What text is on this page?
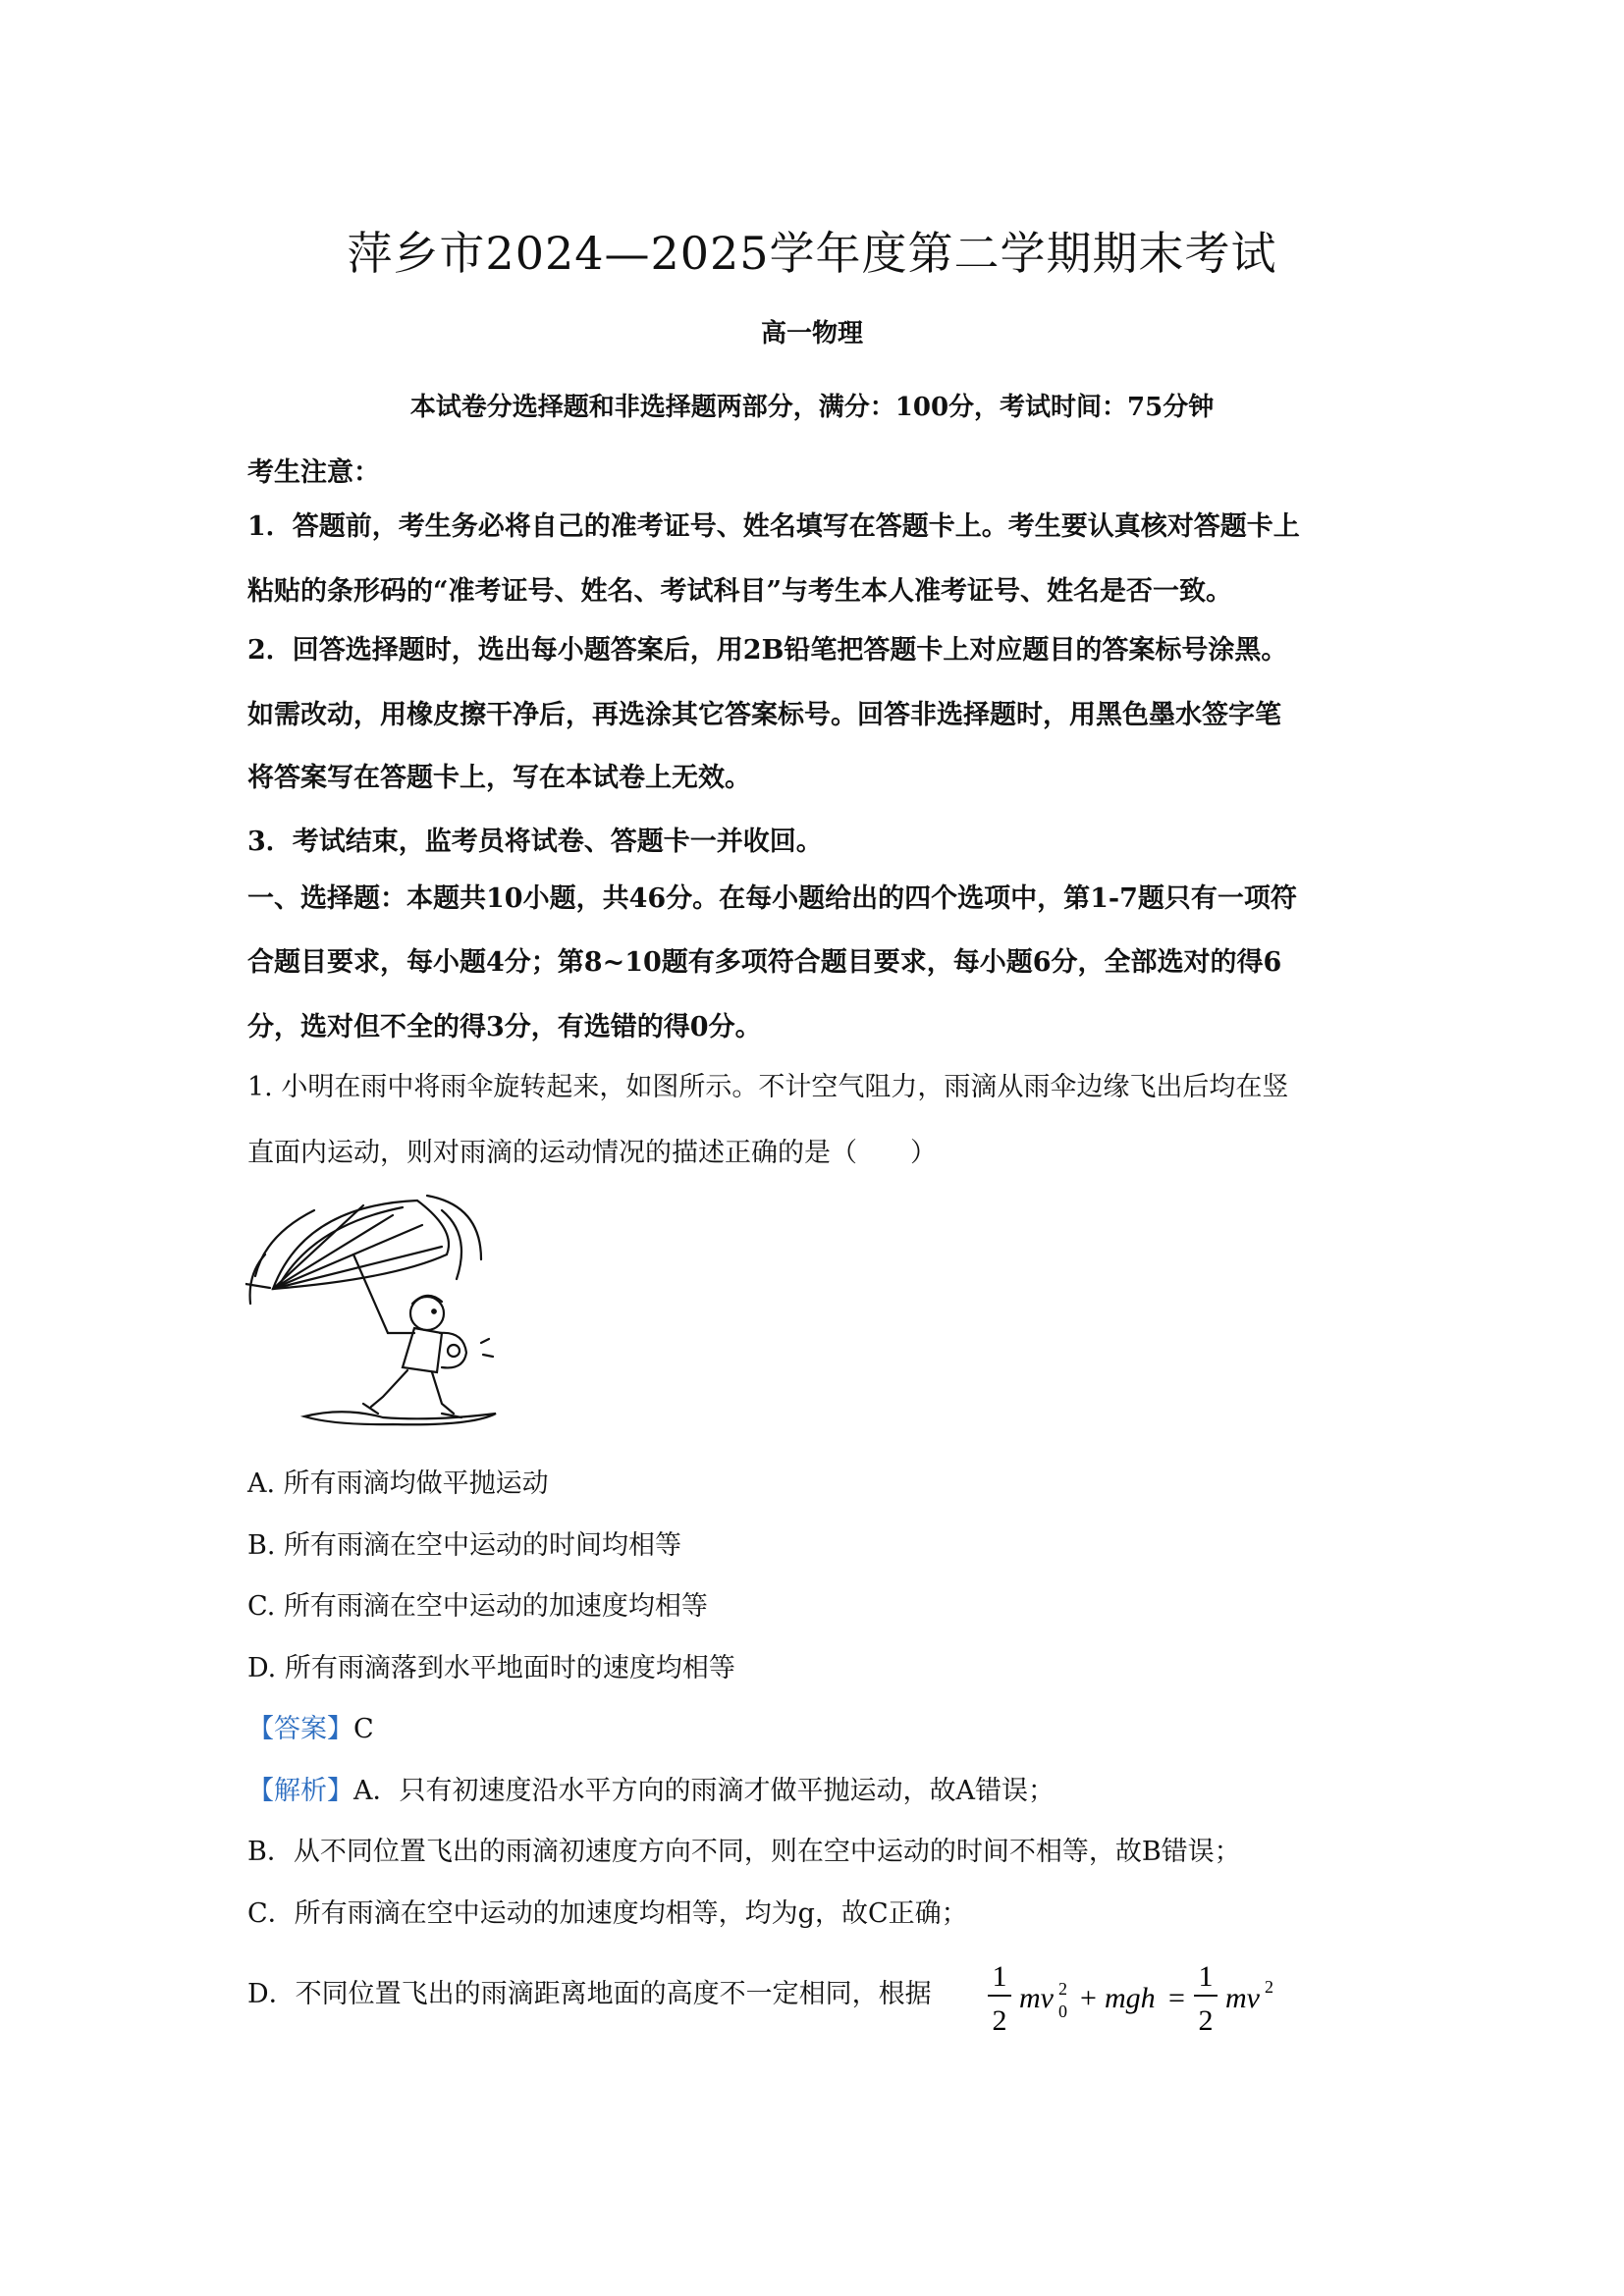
萍乡市2024—2025学年度第二学期期末考试
高一物理
本试卷分选择题和非选择题两部分，满分：100分，考试时间：75分钟
考生注意：
1．答题前，考生务必将自己的准考证号、姓名填写在答题卡上。考生要认真核对答题卡上
粘贴的条形码的“准考证号、姓名、考试科目”与考生本人准考证号、姓名是否一致。
2．回答选择题时，选出每小题答案后，用2B铅笔把答题卡上对应题目的答案标号涂黑。
如需改动，用橡皮擦干净后，再选涂其它答案标号。回答非选择题时，用黑色墨水签字笔
将答案写在答题卡上，写在本试卷上无效。
3．考试结束，监考员将试卷、答题卡一并收回。
一、选择题：本题共10小题，共46分。在每小题给出的四个选项中，第1-7题只有一项符
合题目要求，每小题4分；第8~10题有多项符合题目要求，每小题6分，全部选对的得6
分，选对但不全的得3分，有选错的得0分。
1. 小明在雨中将雨伞旋转起来，如图所示。不计空气阻力，雨滴从雨伞边缘飞出后均在竖
直面内运动，则对雨滴的运动情况的描述正确的是（　　）
A. 所有雨滴均做平抛运动
B. 所有雨滴在空中运动的时间均相等
C. 所有雨滴在空中运动的加速度均相等
D. 所有雨滴落到水平地面时的速度均相等
【答案】C
【解析】A．只有初速度沿水平方向的雨滴才做平抛运动，故A错误；
B．从不同位置飞出的雨滴初速度方向不同，则在空中运动的时间不相等，故B错误；
C．所有雨滴在空中运动的加速度均相等，均为g，故C正确；
D．不同位置飞出的雨滴距离地面的高度不一定相同，根据
1
2
mv 2
0 + mgh =
1
2
mv 2
